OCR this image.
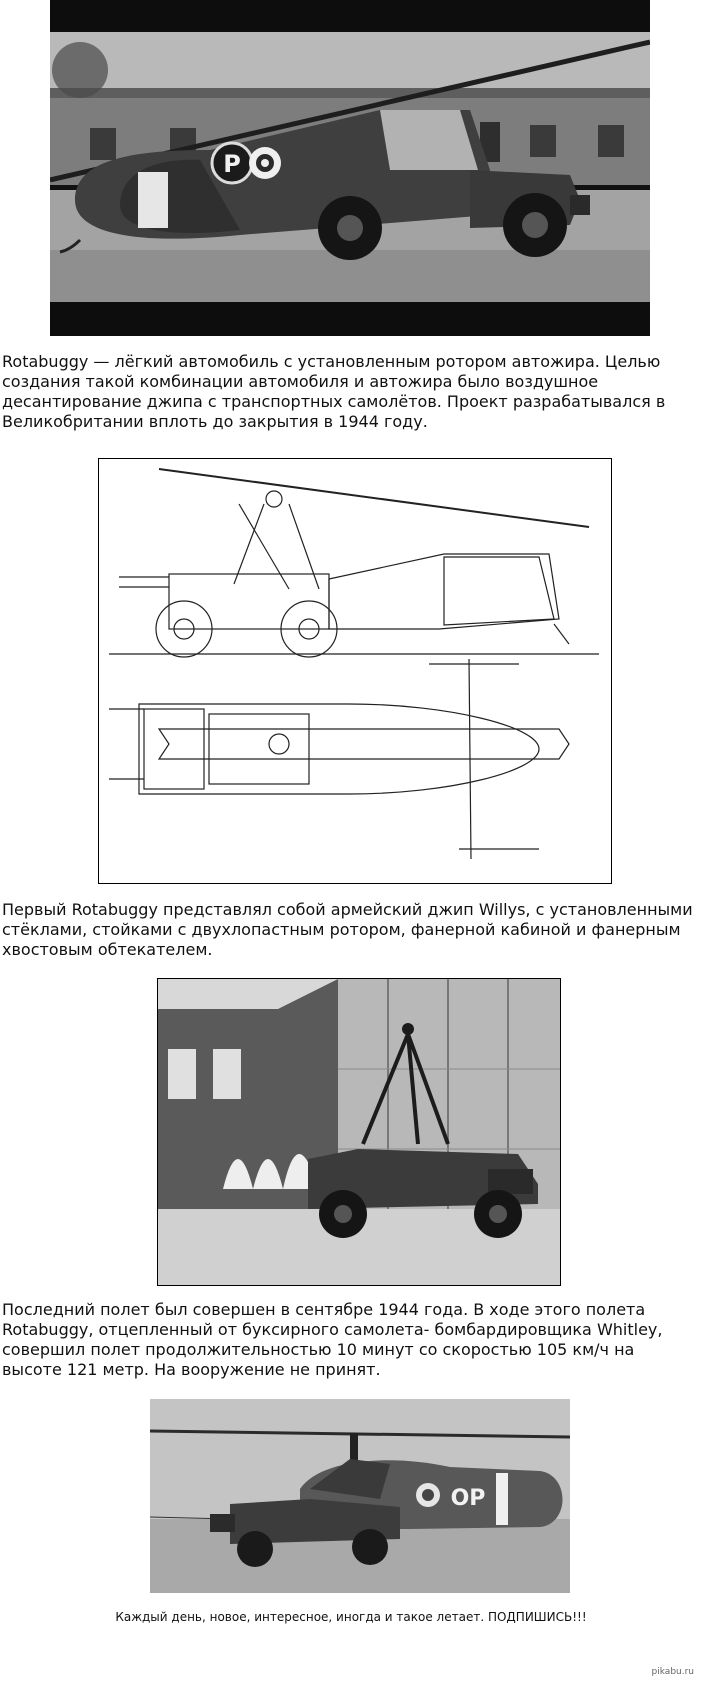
P

Rotabuggy — лёгкий автомобиль с установленным ротором автожира. Целью создания такой комбинации автомобиля и автожира было воздушное десантирование джипа с транспортных самолётов. Проект разрабатывался в Великобритании вплоть до закрытия в 1944 году.

Первый Rotabuggy представлял собой армейский джип Willys, с установленными стёклами, стойками с двухлопастным ротором, фанерной кабиной и фанерным хвостовым обтекателем.

Последний полет был совершен в сентябре 1944 года. В ходе этого полета Rotabuggy, отцепленный от буксирного самолета- бомбардировщика Whitley, совершил полет продолжительностью 10 минут со скоростью 105 км/ч на высоте 121 метр. На вооружение не принят.

OP
Каждый день, новое, интересное, иногда и такое летает. ПОДПИШИСЬ!!!
pikabu.ru
